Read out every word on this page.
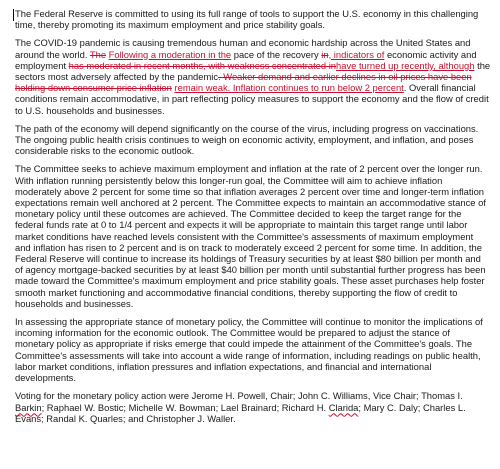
The Federal Reserve is committed to using its full range of tools to support the U.S. economy in this challenging time, thereby promoting its maximum employment and price stability goals.

The COVID-19 pandemic is causing tremendous human and economic hardship across the United States and around the world. The Following a moderation in the pace of the recovery in, indicators of economic activity and employment has moderated in recent months, with weakness concentrated inhave turned up recently, although the sectors most adversely affected by the pandemic. Weaker demand and earlier declines in oil prices have been holding down consumer price inflation remain weak. Inflation continues to run below 2 percent. Overall financial conditions remain accommodative, in part reflecting policy measures to support the economy and the flow of credit to U.S. households and businesses.

The path of the economy will depend significantly on the course of the virus, including progress on vaccinations. The ongoing public health crisis continues to weigh on economic activity, employment, and inflation, and poses considerable risks to the economic outlook.

The Committee seeks to achieve maximum employment and inflation at the rate of 2 percent over the longer run. With inflation running persistently below this longer-run goal, the Committee will aim to achieve inflation moderately above 2 percent for some time so that inflation averages 2 percent over time and longer-term inflation expectations remain well anchored at 2 percent. The Committee expects to maintain an accommodative stance of monetary policy until these outcomes are achieved. The Committee decided to keep the target range for the federal funds rate at 0 to 1/4 percent and expects it will be appropriate to maintain this target range until labor market conditions have reached levels consistent with the Committee's assessments of maximum employment and inflation has risen to 2 percent and is on track to moderately exceed 2 percent for some time. In addition, the Federal Reserve will continue to increase its holdings of Treasury securities by at least $80 billion per month and of agency mortgage-backed securities by at least $40 billion per month until substantial further progress has been made toward the Committee's maximum employment and price stability goals. These asset purchases help foster smooth market functioning and accommodative financial conditions, thereby supporting the flow of credit to households and businesses.

In assessing the appropriate stance of monetary policy, the Committee will continue to monitor the implications of incoming information for the economic outlook. The Committee would be prepared to adjust the stance of monetary policy as appropriate if risks emerge that could impede the attainment of the Committee's goals. The Committee's assessments will take into account a wide range of information, including readings on public health, labor market conditions, inflation pressures and inflation expectations, and financial and international developments.

Voting for the monetary policy action were Jerome H. Powell, Chair; John C. Williams, Vice Chair; Thomas I. Barkin; Raphael W. Bostic; Michelle W. Bowman; Lael Brainard; Richard H. Clarida; Mary C. Daly; Charles L. Evans; Randal K. Quarles; and Christopher J. Waller.
